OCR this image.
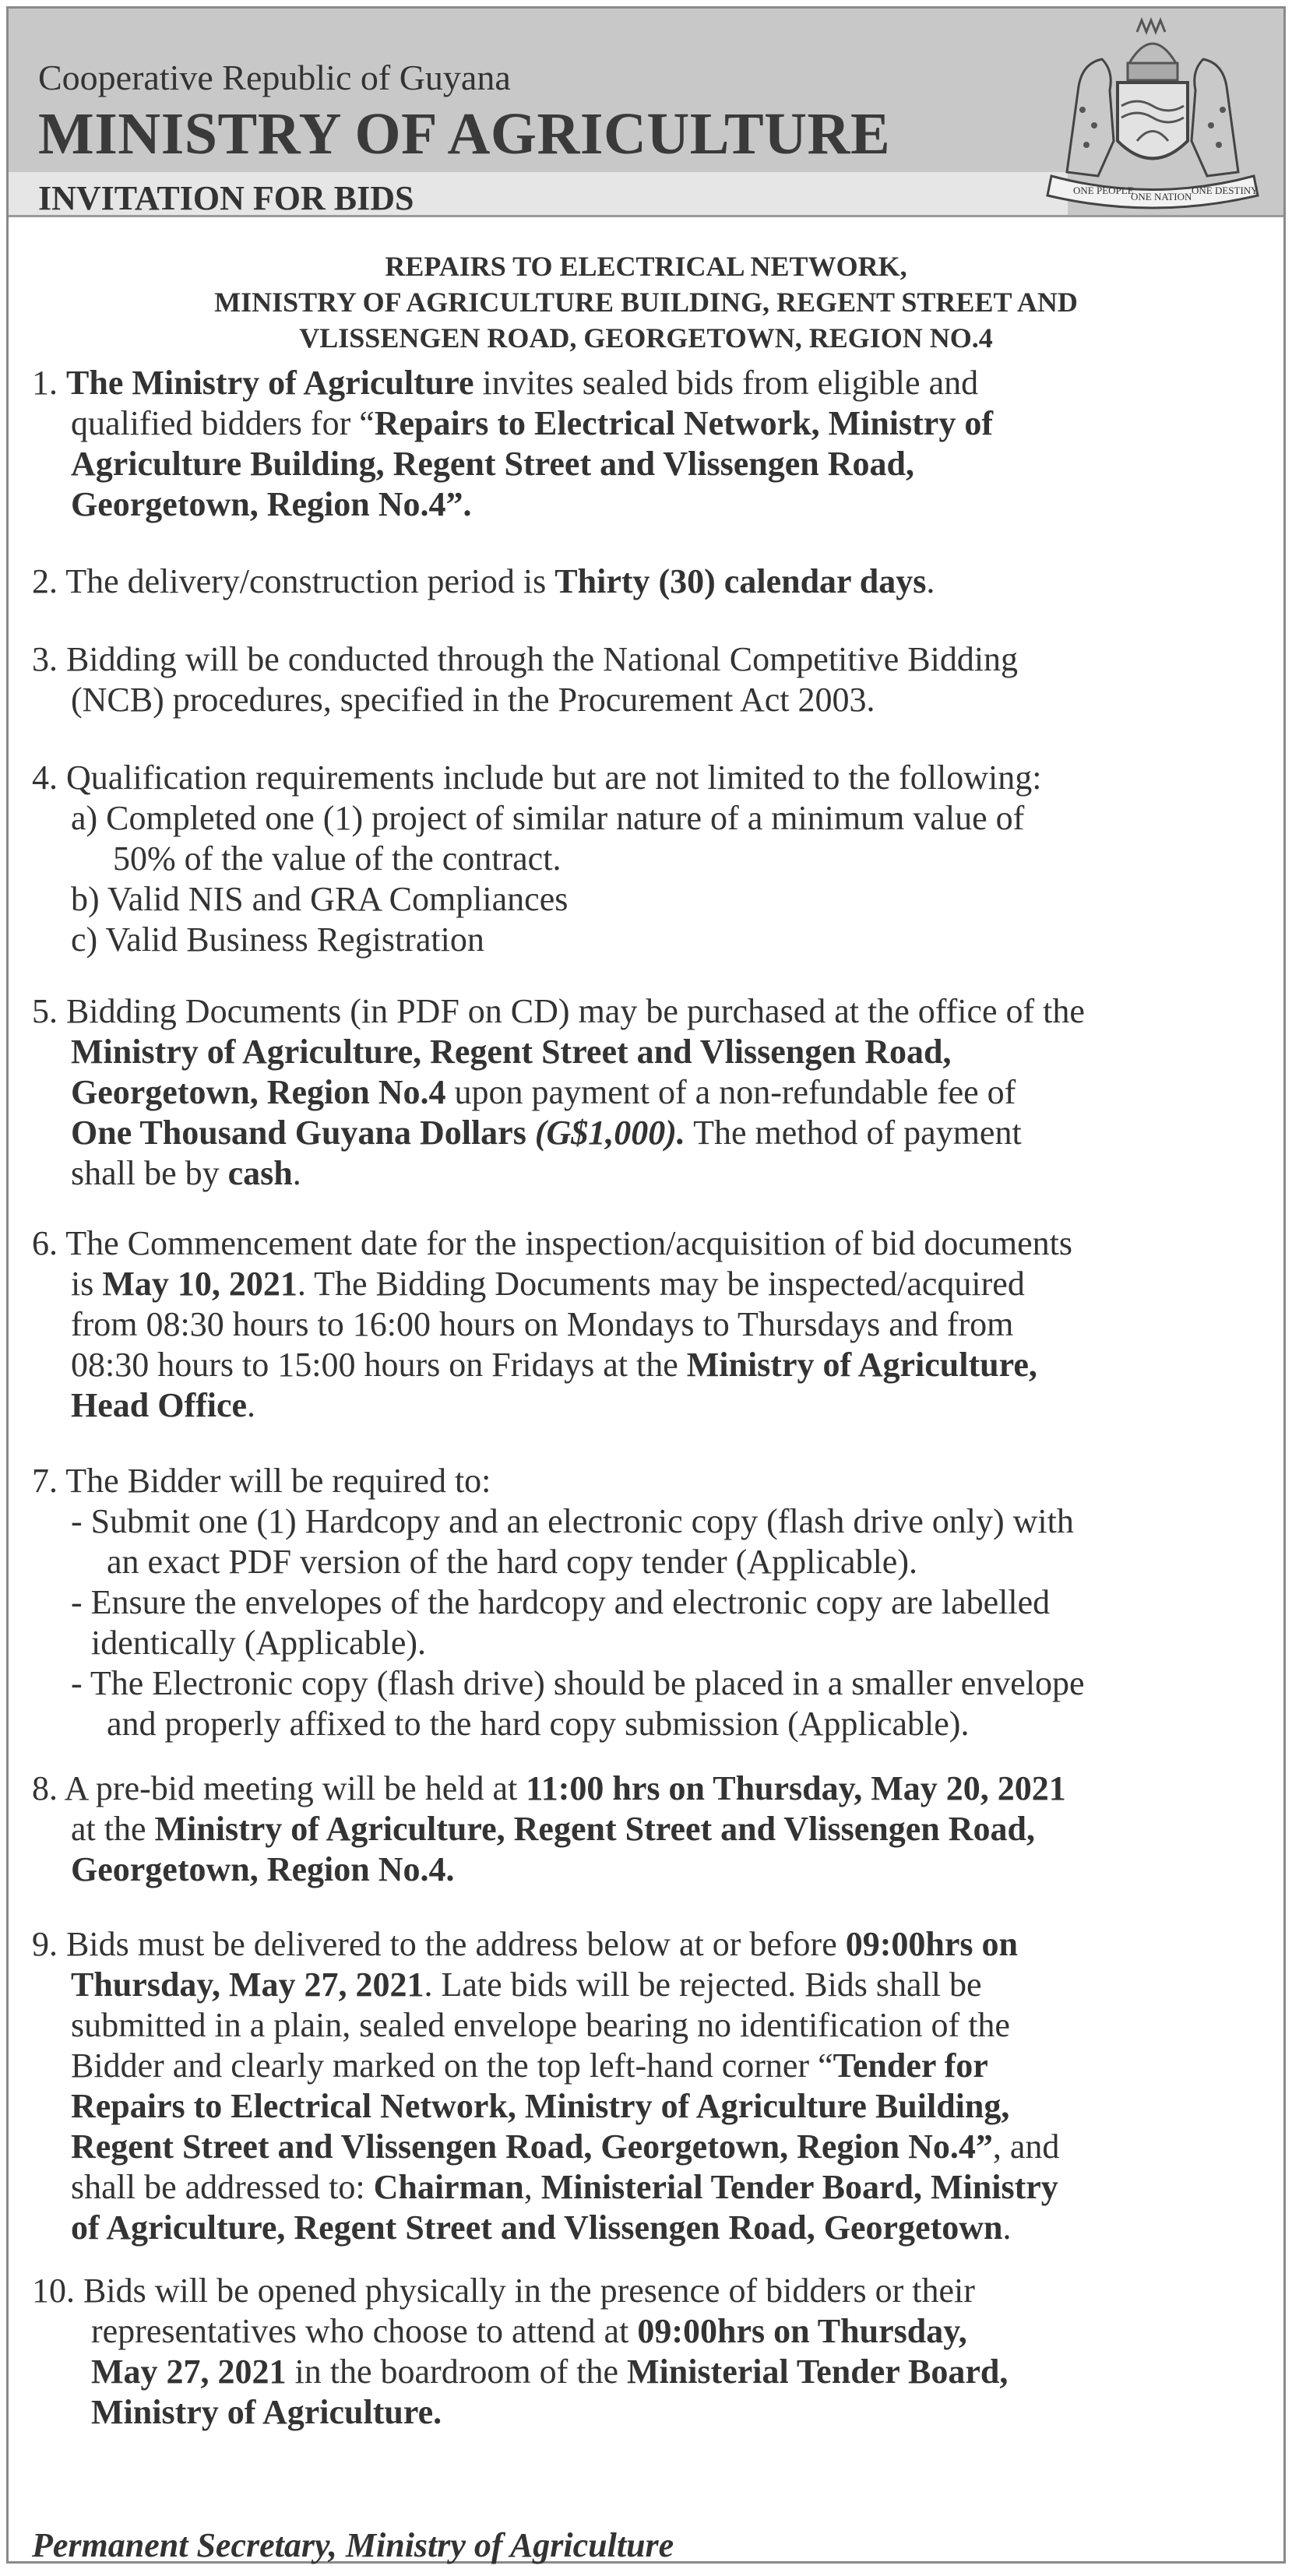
Cooperative Republic of Guyana
MINISTRY OF AGRICULTURE
INVITATION FOR BIDS	ONE PEOPLE
ONE NATION
ONE DESTINY
REPAIRS TO ELECTRICAL NETWORK,
MINISTRY OF AGRICULTURE BUILDING, REGENT STREET AND
VLISSENGEN ROAD, GEORGETOWN, REGION NO.4
1. The Ministry of Agriculture invites sealed bids from eligible and
qualified bidders for “Repairs to Electrical Network, Ministry of
Agriculture Building, Regent Street and Vlissengen Road,
Georgetown, Region No.4”.
2. The delivery/construction period is Thirty (30) calendar days.
3. Bidding will be conducted through the National Competitive Bidding
(NCB) procedures, specified in the Procurement Act 2003.
4. Qualification requirements include but are not limited to the following:
a) Completed one (1) project of similar nature of a minimum value of
50% of the value of the contract.
b) Valid NIS and GRA Compliances
c) Valid Business Registration
5. Bidding Documents (in PDF on CD) may be purchased at the office of the
Ministry of Agriculture, Regent Street and Vlissengen Road,
Georgetown, Region No.4 upon payment of a non-refundable fee of
One Thousand Guyana Dollars (G$1,000). The method of payment
shall be by cash.
6. The Commencement date for the inspection/acquisition of bid documents
is May 10, 2021. The Bidding Documents may be inspected/acquired
from 08:30 hours to 16:00 hours on Mondays to Thursdays and from
08:30 hours to 15:00 hours on Fridays at the Ministry of Agriculture,
Head Office.
7. The Bidder will be required to:
- Submit one (1) Hardcopy and an electronic copy (flash drive only) with
an exact PDF version of the hard copy tender (Applicable).
- Ensure the envelopes of the hardcopy and electronic copy are labelled
identically (Applicable).
- The Electronic copy (flash drive) should be placed in a smaller envelope
and properly affixed to the hard copy submission (Applicable).
8. A pre-bid meeting will be held at 11:00 hrs on Thursday, May 20, 2021
at the Ministry of Agriculture, Regent Street and Vlissengen Road,
Georgetown, Region No.4.
9. Bids must be delivered to the address below at or before 09:00hrs on
Thursday, May 27, 2021. Late bids will be rejected. Bids shall be
submitted in a plain, sealed envelope bearing no identification of the
Bidder and clearly marked on the top left-hand corner “Tender for
Repairs to Electrical Network, Ministry of Agriculture Building,
Regent Street and Vlissengen Road, Georgetown, Region No.4”, and
shall be addressed to: Chairman, Ministerial Tender Board, Ministry
of Agriculture, Regent Street and Vlissengen Road, Georgetown.
10. Bids will be opened physically in the presence of bidders or their
representatives who choose to attend at 09:00hrs on Thursday,
May 27, 2021 in the boardroom of the Ministerial Tender Board,
Ministry of Agriculture.
Permanent Secretary, Ministry of Agriculture
